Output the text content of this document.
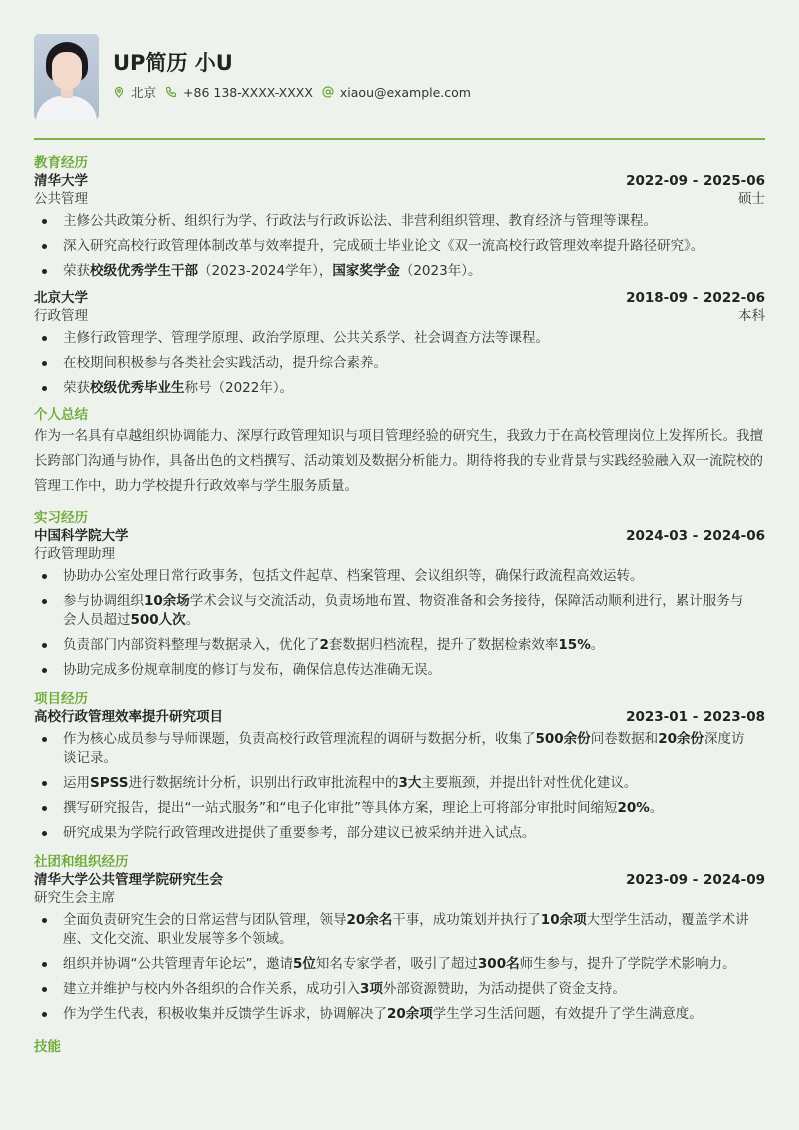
UP简历 小U
北京 +86 138-XXXX-XXXX xiaou@example.com
教育经历
清华大学	2022-09 - 2025-06
公共管理	硕士
主修公共政策分析、组织行为学、行政法与行政诉讼法、非营利组织管理、教育经济与管理等课程。
深入研究高校行政管理体制改革与效率提升，完成硕士毕业论文《双一流高校行政管理效率提升路径研究》。
荣获校级优秀学生干部（2023-2024学年），国家奖学金（2023年）。
北京大学	2018-09 - 2022-06
行政管理	本科
主修行政管理学、管理学原理、政治学原理、公共关系学、社会调查方法等课程。
在校期间积极参与各类社会实践活动，提升综合素养。
荣获校级优秀毕业生称号（2022年）。
个人总结
作为一名具有卓越组织协调能力、深厚行政管理知识与项目管理经验的研究生，我致力于在高校管理岗位上发挥所长。我擅长跨部门沟通与协作，具备出色的文档撰写、活动策划及数据分析能力。期待将我的专业背景与实践经验融入双一流院校的管理工作中，助力学校提升行政效率与学生服务质量。
实习经历
中国科学院大学	2024-03 - 2024-06
行政管理助理
协助办公室处理日常行政事务，包括文件起草、档案管理、会议组织等，确保行政流程高效运转。
参与协调组织10余场学术会议与交流活动，负责场地布置、物资准备和会务接待，保障活动顺利进行，累计服务与会人员超过500人次。
负责部门内部资料整理与数据录入，优化了2套数据归档流程，提升了数据检索效率15%。
协助完成多份规章制度的修订与发布，确保信息传达准确无误。
项目经历
高校行政管理效率提升研究项目	2023-01 - 2023-08
作为核心成员参与导师课题，负责高校行政管理流程的调研与数据分析，收集了500余份问卷数据和20余份深度访谈记录。
运用SPSS进行数据统计分析，识别出行政审批流程中的3大主要瓶颈，并提出针对性优化建议。
撰写研究报告，提出“一站式服务”和“电子化审批”等具体方案，理论上可将部分审批时间缩短20%。
研究成果为学院行政管理改进提供了重要参考，部分建议已被采纳并进入试点。
社团和组织经历
清华大学公共管理学院研究生会	2023-09 - 2024-09
研究生会主席
全面负责研究生会的日常运营与团队管理，领导20余名干事，成功策划并执行了10余项大型学生活动，覆盖学术讲座、文化交流、职业发展等多个领域。
组织并协调“公共管理青年论坛”，邀请5位知名专家学者，吸引了超过300名师生参与，提升了学院学术影响力。
建立并维护与校内外各组织的合作关系，成功引入3项外部资源赞助，为活动提供了资金支持。
作为学生代表，积极收集并反馈学生诉求，协调解决了20余项学生学习生活问题，有效提升了学生满意度。
技能
